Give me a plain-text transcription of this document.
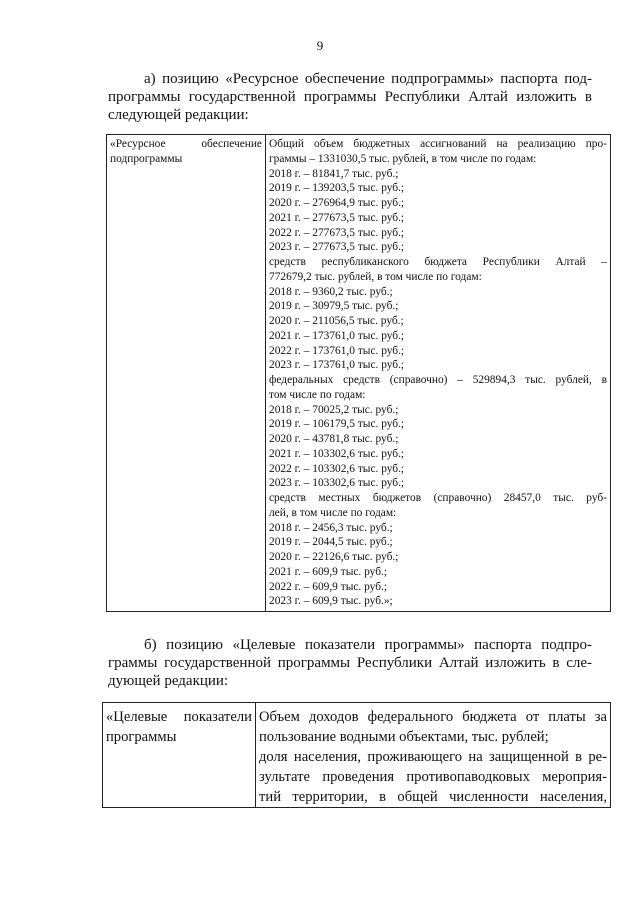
9
а) позицию «Ресурсное обеспечение подпрограммы» паспорта под-
программы государственной программы Республики Алтай изложить в
следующей редакции:
«Ресурсное обеспечение
подпрограммы

Общий объем бюджетных ассигнований на реализацию про-
граммы – 1331030,5 тыс. рублей, в том числе по годам:
2018 г. – 81841,7 тыс. руб.;
2019 г. – 139203,5 тыс. руб.;
2020 г. – 276964,9 тыс. руб.;
2021 г. – 277673,5 тыс. руб.;
2022 г. – 277673,5 тыс. руб.;
2023 г. – 277673,5 тыс. руб.;
средств республиканского бюджета Республики Алтай –
772679,2 тыс. рублей, в том числе по годам:
2018 г. – 9360,2 тыс. руб.;
2019 г. – 30979,5 тыс. руб.;
2020 г. – 211056,5 тыс. руб.;
2021 г. – 173761,0 тыс. руб.;
2022 г. – 173761,0 тыс. руб.;
2023 г. – 173761,0 тыс. руб.;
федеральных средств (справочно) – 529894,3 тыс. рублей, в
том числе по годам:
2018 г. – 70025,2 тыс. руб.;
2019 г. – 106179,5 тыс. руб.;
2020 г. – 43781,8 тыс. руб.;
2021 г. – 103302,6 тыс. руб.;
2022 г. – 103302,6 тыс. руб.;
2023 г. – 103302,6 тыс. руб.;
средств местных бюджетов (справочно) 28457,0 тыс. руб-
лей, в том числе по годам:
2018 г. – 2456,3 тыс. руб.;
2019 г. – 2044,5 тыс. руб.;
2020 г. – 22126,6 тыс. руб.;
2021 г. – 609,9 тыс. руб.;
2022 г. – 609,9 тыс. руб.;
2023 г. – 609,9 тыс. руб.»;
б) позицию «Целевые показатели программы» паспорта подпро-
граммы государственной программы Республики Алтай изложить в сле-
дующей редакции:
«Целевые показатели
программы

Объем доходов федерального бюджета от платы за
пользование водными объектами, тыс. рублей;
доля населения, проживающего на защищенной в ре-
зультате проведения противопаводковых мероприя-
тий территории, в общей численности населения,
